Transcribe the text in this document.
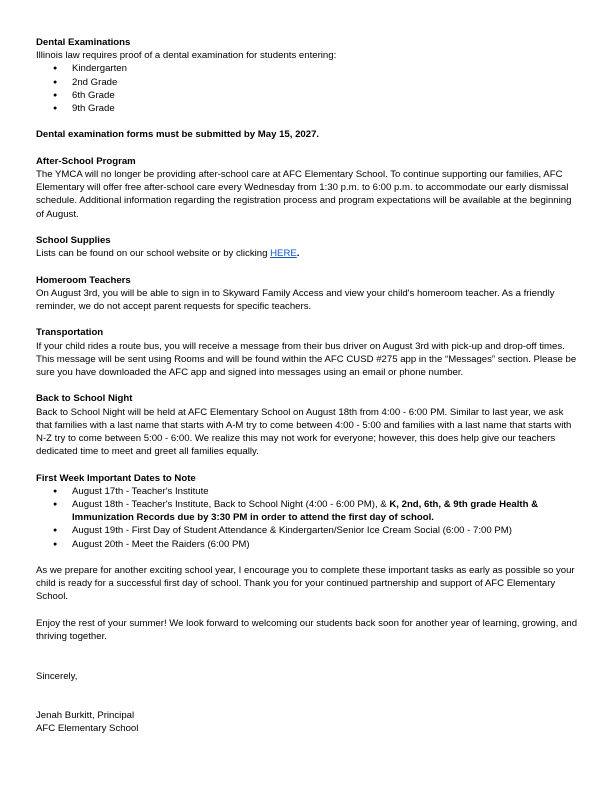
Dental Examinations

Illinois law requires proof of a dental examination for students entering:

● Kindergarten
● 2nd Grade
● 6th Grade
● 9th Grade

Dental examination forms must be submitted by May 15, 2027.

After-School Program

The YMCA will no longer be providing after-school care at AFC Elementary School. To continue supporting our families, AFC Elementary will offer free after-school care every Wednesday from 1:30 p.m. to 6:00 p.m. to accommodate our early dismissal schedule. Additional information regarding the registration process and program expectations will be available at the beginning of August.

School Supplies

Lists can be found on our school website or by clicking HERE.

Homeroom Teachers

On August 3rd, you will be able to sign in to Skyward Family Access and view your child's homeroom teacher. As a friendly reminder, we do not accept parent requests for specific teachers.

Transportation

If your child rides a route bus, you will receive a message from their bus driver on August 3rd with pick-up and drop-off times. This message will be sent using Rooms and will be found within the AFC CUSD #275 app in the “Messages” section. Please be sure you have downloaded the AFC app and signed into messages using an email or phone number.

Back to School Night

Back to School Night will be held at AFC Elementary School on August 18th from 4:00 - 6:00 PM. Similar to last year, we ask that families with a last name that starts with A-M try to come between 4:00 - 5:00 and families with a last name that starts with N-Z try to come between 5:00 - 6:00. We realize this may not work for everyone; however, this does help give our teachers dedicated time to meet and greet all families equally.

First Week Important Dates to Note
● August 17th - Teacher's Institute
● August 18th - Teacher's Institute, Back to School Night (4:00 - 6:00 PM), & K, 2nd, 6th, & 9th grade Health & Immunization Records due by 3:30 PM in order to attend the first day of school.
● August 19th - First Day of Student Attendance & Kindergarten/Senior Ice Cream Social (6:00 - 7:00 PM)
● August 20th - Meet the Raiders (6:00 PM)

As we prepare for another exciting school year, I encourage you to complete these important tasks as early as possible so your child is ready for a successful first day of school. Thank you for your continued partnership and support of AFC Elementary School.

Enjoy the rest of your summer! We look forward to welcoming our students back soon for another year of learning, growing, and thriving together.

Sincerely,

Jenah Burkitt, Principal

AFC Elementary School
